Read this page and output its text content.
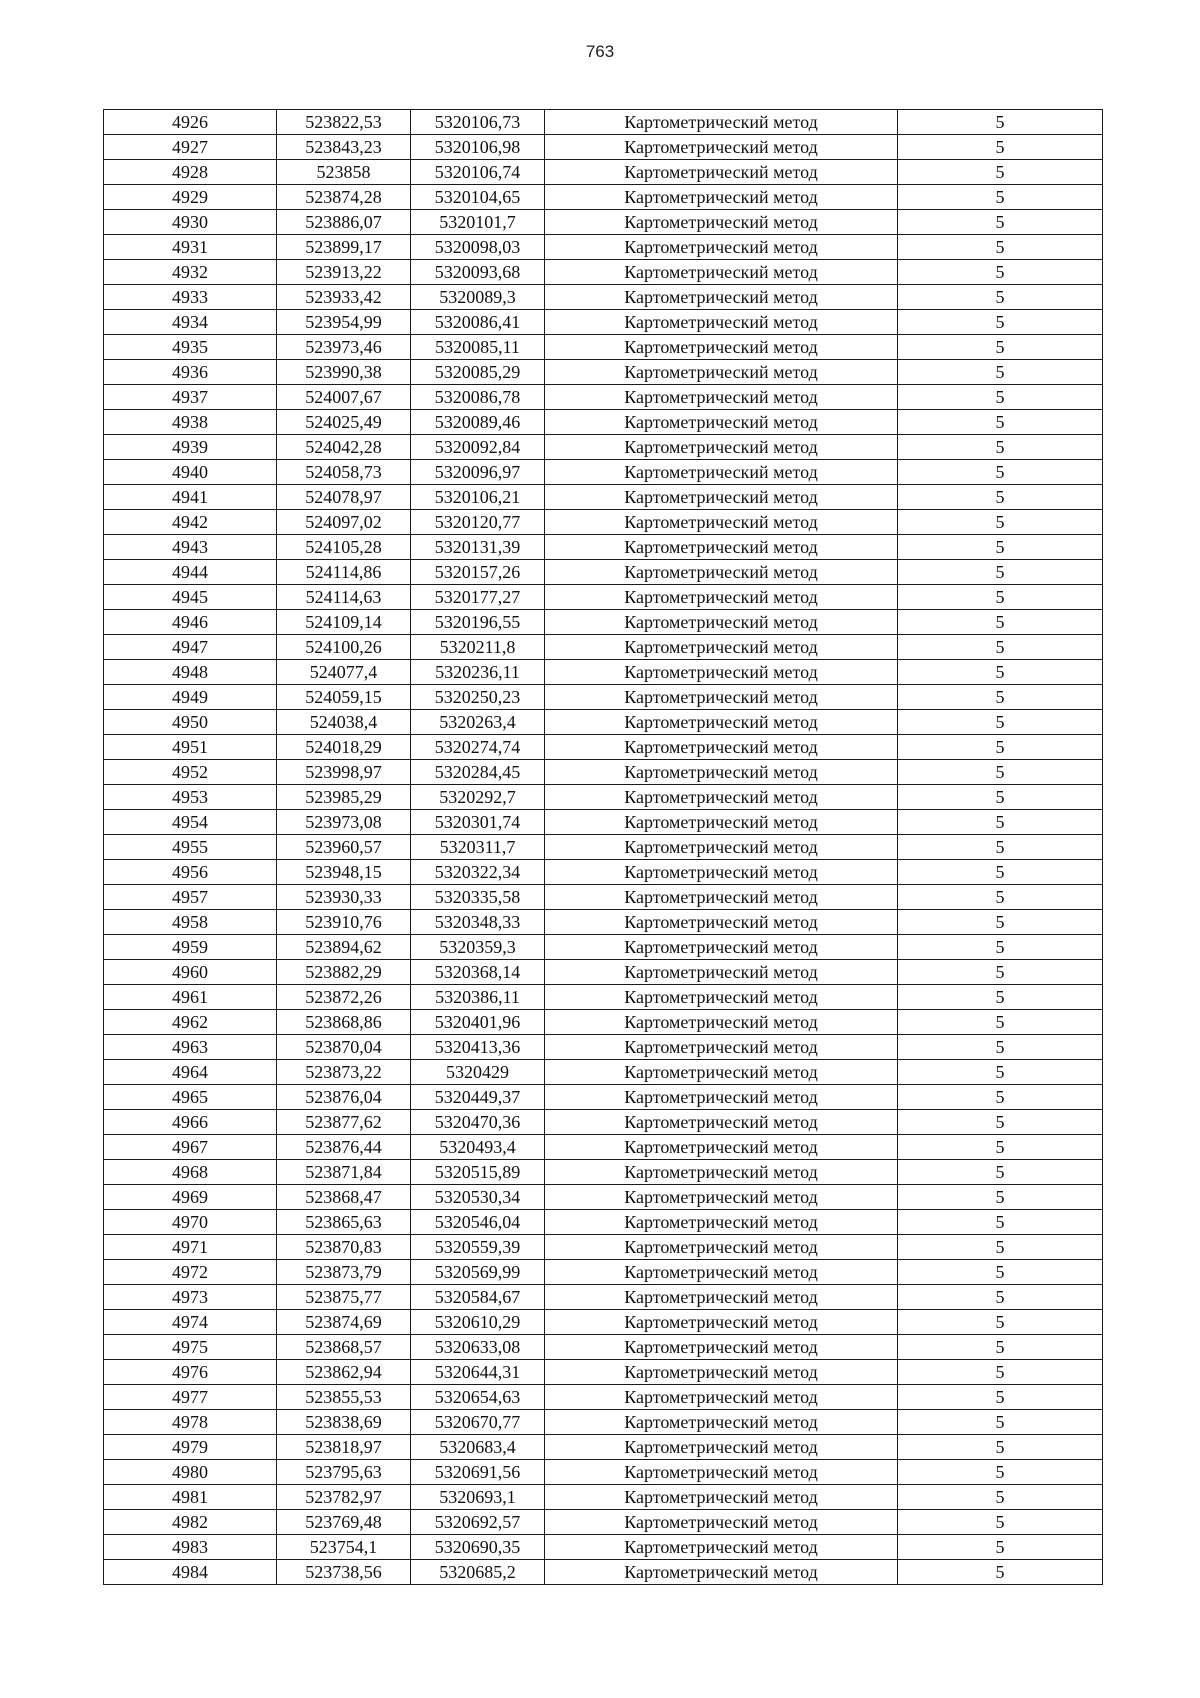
763
4926	523822,53	5320106,73	Картометрический метод	5
4927	523843,23	5320106,98	Картометрический метод	5
4928	523858	5320106,74	Картометрический метод	5
4929	523874,28	5320104,65	Картометрический метод	5
4930	523886,07	5320101,7	Картометрический метод	5
4931	523899,17	5320098,03	Картометрический метод	5
4932	523913,22	5320093,68	Картометрический метод	5
4933	523933,42	5320089,3	Картометрический метод	5
4934	523954,99	5320086,41	Картометрический метод	5
4935	523973,46	5320085,11	Картометрический метод	5
4936	523990,38	5320085,29	Картометрический метод	5
4937	524007,67	5320086,78	Картометрический метод	5
4938	524025,49	5320089,46	Картометрический метод	5
4939	524042,28	5320092,84	Картометрический метод	5
4940	524058,73	5320096,97	Картометрический метод	5
4941	524078,97	5320106,21	Картометрический метод	5
4942	524097,02	5320120,77	Картометрический метод	5
4943	524105,28	5320131,39	Картометрический метод	5
4944	524114,86	5320157,26	Картометрический метод	5
4945	524114,63	5320177,27	Картометрический метод	5
4946	524109,14	5320196,55	Картометрический метод	5
4947	524100,26	5320211,8	Картометрический метод	5
4948	524077,4	5320236,11	Картометрический метод	5
4949	524059,15	5320250,23	Картометрический метод	5
4950	524038,4	5320263,4	Картометрический метод	5
4951	524018,29	5320274,74	Картометрический метод	5
4952	523998,97	5320284,45	Картометрический метод	5
4953	523985,29	5320292,7	Картометрический метод	5
4954	523973,08	5320301,74	Картометрический метод	5
4955	523960,57	5320311,7	Картометрический метод	5
4956	523948,15	5320322,34	Картометрический метод	5
4957	523930,33	5320335,58	Картометрический метод	5
4958	523910,76	5320348,33	Картометрический метод	5
4959	523894,62	5320359,3	Картометрический метод	5
4960	523882,29	5320368,14	Картометрический метод	5
4961	523872,26	5320386,11	Картометрический метод	5
4962	523868,86	5320401,96	Картометрический метод	5
4963	523870,04	5320413,36	Картометрический метод	5
4964	523873,22	5320429	Картометрический метод	5
4965	523876,04	5320449,37	Картометрический метод	5
4966	523877,62	5320470,36	Картометрический метод	5
4967	523876,44	5320493,4	Картометрический метод	5
4968	523871,84	5320515,89	Картометрический метод	5
4969	523868,47	5320530,34	Картометрический метод	5
4970	523865,63	5320546,04	Картометрический метод	5
4971	523870,83	5320559,39	Картометрический метод	5
4972	523873,79	5320569,99	Картометрический метод	5
4973	523875,77	5320584,67	Картометрический метод	5
4974	523874,69	5320610,29	Картометрический метод	5
4975	523868,57	5320633,08	Картометрический метод	5
4976	523862,94	5320644,31	Картометрический метод	5
4977	523855,53	5320654,63	Картометрический метод	5
4978	523838,69	5320670,77	Картометрический метод	5
4979	523818,97	5320683,4	Картометрический метод	5
4980	523795,63	5320691,56	Картометрический метод	5
4981	523782,97	5320693,1	Картометрический метод	5
4982	523769,48	5320692,57	Картометрический метод	5
4983	523754,1	5320690,35	Картометрический метод	5
4984	523738,56	5320685,2	Картометрический метод	5
